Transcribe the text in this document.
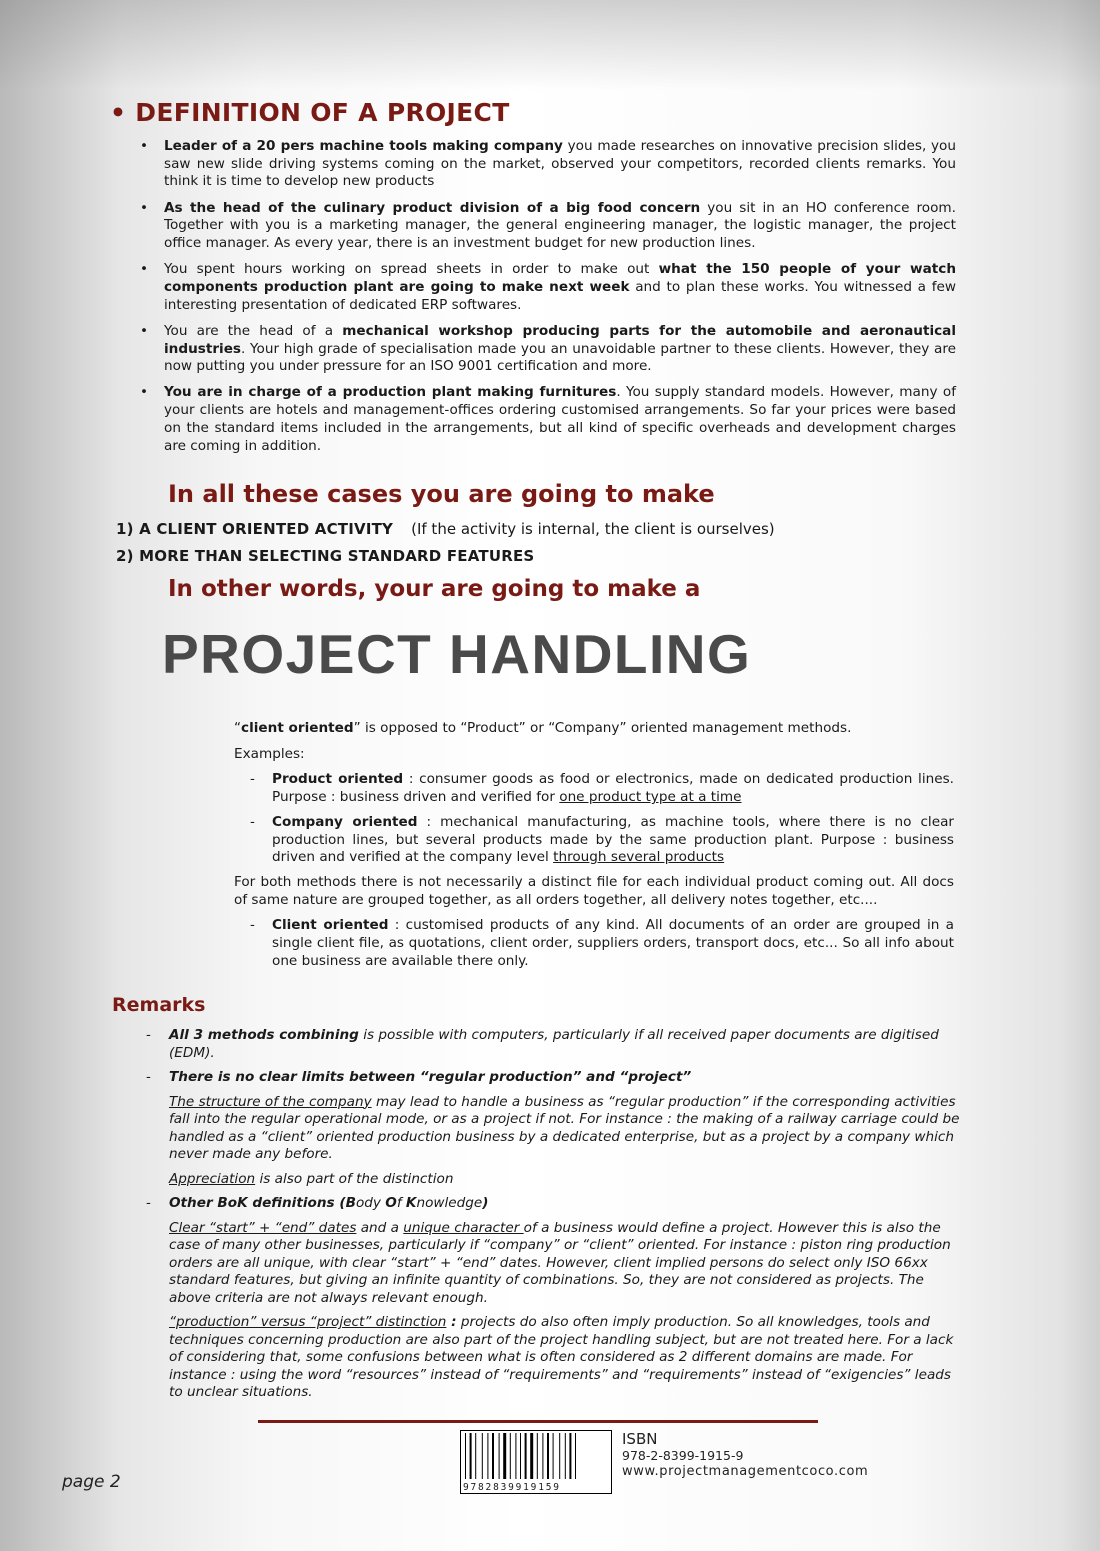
• DEFINITION OF A PROJECT
• Leader of a 20 pers machine tools making company you made researches on innovative precision slides, you saw new slide driving systems coming on the market, observed your competitors, recorded clients remarks. You think it is time to develop new products
• As the head of the culinary product division of a big food concern you sit in an HO conference room. Together with you is a marketing manager, the general engineering manager, the logistic manager, the project office manager. As every year, there is an investment budget for new production lines.
• You spent hours working on spread sheets in order to make out what the 150 people of your watch components production plant are going to make next week and to plan these works. You witnessed a few interesting presentation of dedicated ERP softwares.
• You are the head of a mechanical workshop producing parts for the automobile and aeronautical industries. Your high grade of specialisation made you an unavoidable partner to these clients. However, they are now putting you under pressure for an ISO 9001 certification and more.
• You are in charge of a production plant making furnitures. You supply standard models. However, many of your clients are hotels and management-offices ordering customised arrangements. So far your prices were based on the standard items included in the arrangements, but all kind of specific overheads and development charges are coming in addition.
In all these cases you are going to make
1) A CLIENT ORIENTED ACTIVITY (If the activity is internal, the client is ourselves)
2) MORE THAN SELECTING STANDARD FEATURES
In other words, your are going to make a
PROJECT HANDLING

“client oriented” is opposed to “Product” or “Company” oriented management methods.

Examples:

- Product oriented : consumer goods as food or electronics, made on dedicated production lines. Purpose : business driven and verified for one product type at a time
- Company oriented : mechanical manufacturing, as machine tools, where there is no clear production lines, but several products made by the same production plant. Purpose : business driven and verified at the company level through several products

For both methods there is not necessarily a distinct file for each individual product coming out. All docs of same nature are grouped together, as all orders together, all delivery notes together, etc....

- Client oriented : customised products of any kind. All documents of an order are grouped in a single client file, as quotations, client order, suppliers orders, transport docs, etc... So all info about one business are available there only.
Remarks
- All 3 methods combining is possible with computers, particularly if all received paper documents are digitised (EDM).
- There is no clear limits between “regular production” and “project”
The structure of the company may lead to handle a business as “regular production” if the corresponding activities fall into the regular operational mode, or as a project if not. For instance : the making of a railway carriage could be handled as a “client” oriented production business by a dedicated enterprise, but as a project by a company which never made any before.
Appreciation is also part of the distinction
- Other BoK definitions (Body Of Knowledge)
Clear “start” + “end” dates and a unique character of a business would define a project. However this is also the case of many other businesses, particularly if “company” or “client” oriented. For instance : piston ring production orders are all unique, with clear “start” + “end” dates. However, client implied persons do select only ISO 66xx standard features, but giving an infinite quantity of combinations. So, they are not considered as projects. The above criteria are not always relevant enough.
“production” versus “project” distinction : projects do also often imply production. So all knowledges, tools and techniques concerning production are also part of the project handling subject, but are not treated here. For a lack of considering that, some confusions between what is often considered as 2 different domains are made. For instance : using the word “resources” instead of “requirements” and “requirements” instead of “exigencies” leads to unclear situations.
9782839919159
ISBN
978-2-8399-1915-9
www.projectmanagementcoco.com
page 2
